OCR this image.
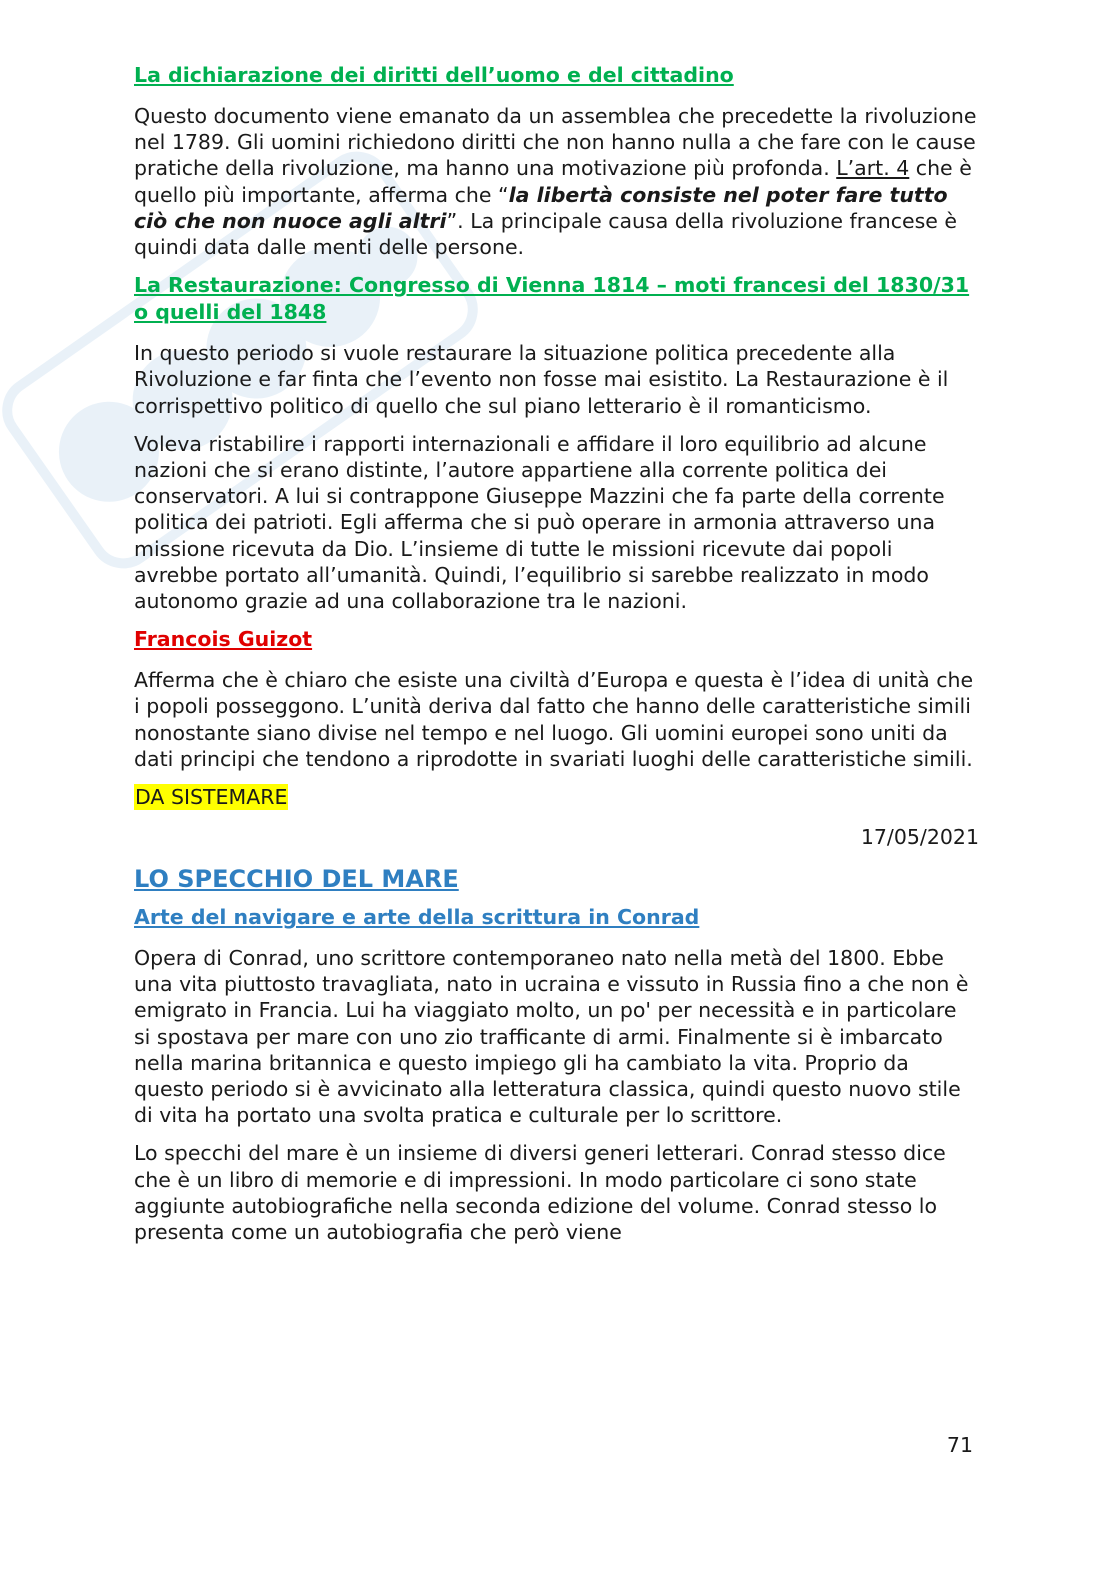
La dichiarazione dei diritti dell’uomo e del cittadino

Questo documento viene emanato da un assemblea che precedette la rivoluzione nel 1789. Gli uomini richiedono diritti che non hanno nulla a che fare con le cause pratiche della rivoluzione, ma hanno una motivazione più profonda. L’art. 4 che è quello più importante, afferma che “la libertà consiste nel poter fare tutto ciò che non nuoce agli altri”. La principale causa della rivoluzione francese è quindi data dalle menti delle persone.

La Restaurazione: Congresso di Vienna 1814 – moti francesi del 1830/31 o quelli del 1848

In questo periodo si vuole restaurare la situazione politica precedente alla Rivoluzione e far finta che l’evento non fosse mai esistito. La Restaurazione è il corrispettivo politico di quello che sul piano letterario è il romanticismo.

Voleva ristabilire i rapporti internazionali e affidare il loro equilibrio ad alcune nazioni che si erano distinte, l’autore appartiene alla corrente politica dei conservatori. A lui si contrappone Giuseppe Mazzini che fa parte della corrente politica dei patrioti. Egli afferma che si può operare in armonia attraverso una missione ricevuta da Dio. L’insieme di tutte le missioni ricevute dai popoli avrebbe portato all’umanità. Quindi, l’equilibrio si sarebbe realizzato in modo autonomo grazie ad una collaborazione tra le nazioni.

Francois Guizot

Afferma che è chiaro che esiste una civiltà d’Europa e questa è l’idea di unità che i popoli posseggono. L’unità deriva dal fatto che hanno delle caratteristiche simili nonostante siano divise nel tempo e nel luogo. Gli uomini europei sono uniti da dati principi che tendono a riprodotte in svariati luoghi delle caratteristiche simili.

DA SISTEMARE
17/05/2021
LO SPECCHIO DEL MARE
Arte del navigare e arte della scrittura in Conrad

Opera di Conrad, uno scrittore contemporaneo nato nella metà del 1800. Ebbe una vita piuttosto travagliata, nato in ucraina e vissuto in Russia fino a che non è emigrato in Francia. Lui ha viaggiato molto, un po' per necessità e in particolare si spostava per mare con uno zio trafficante di armi. Finalmente si è imbarcato nella marina britannica e questo impiego gli ha cambiato la vita. Proprio da questo periodo si è avvicinato alla letteratura classica, quindi questo nuovo stile di vita ha portato una svolta pratica e culturale per lo scrittore.

Lo specchi del mare è un insieme di diversi generi letterari. Conrad stesso dice che è un libro di memorie e di impressioni. In modo particolare ci sono state aggiunte autobiografiche nella seconda edizione del volume. Conrad stesso lo presenta come un autobiografia che però viene

71
